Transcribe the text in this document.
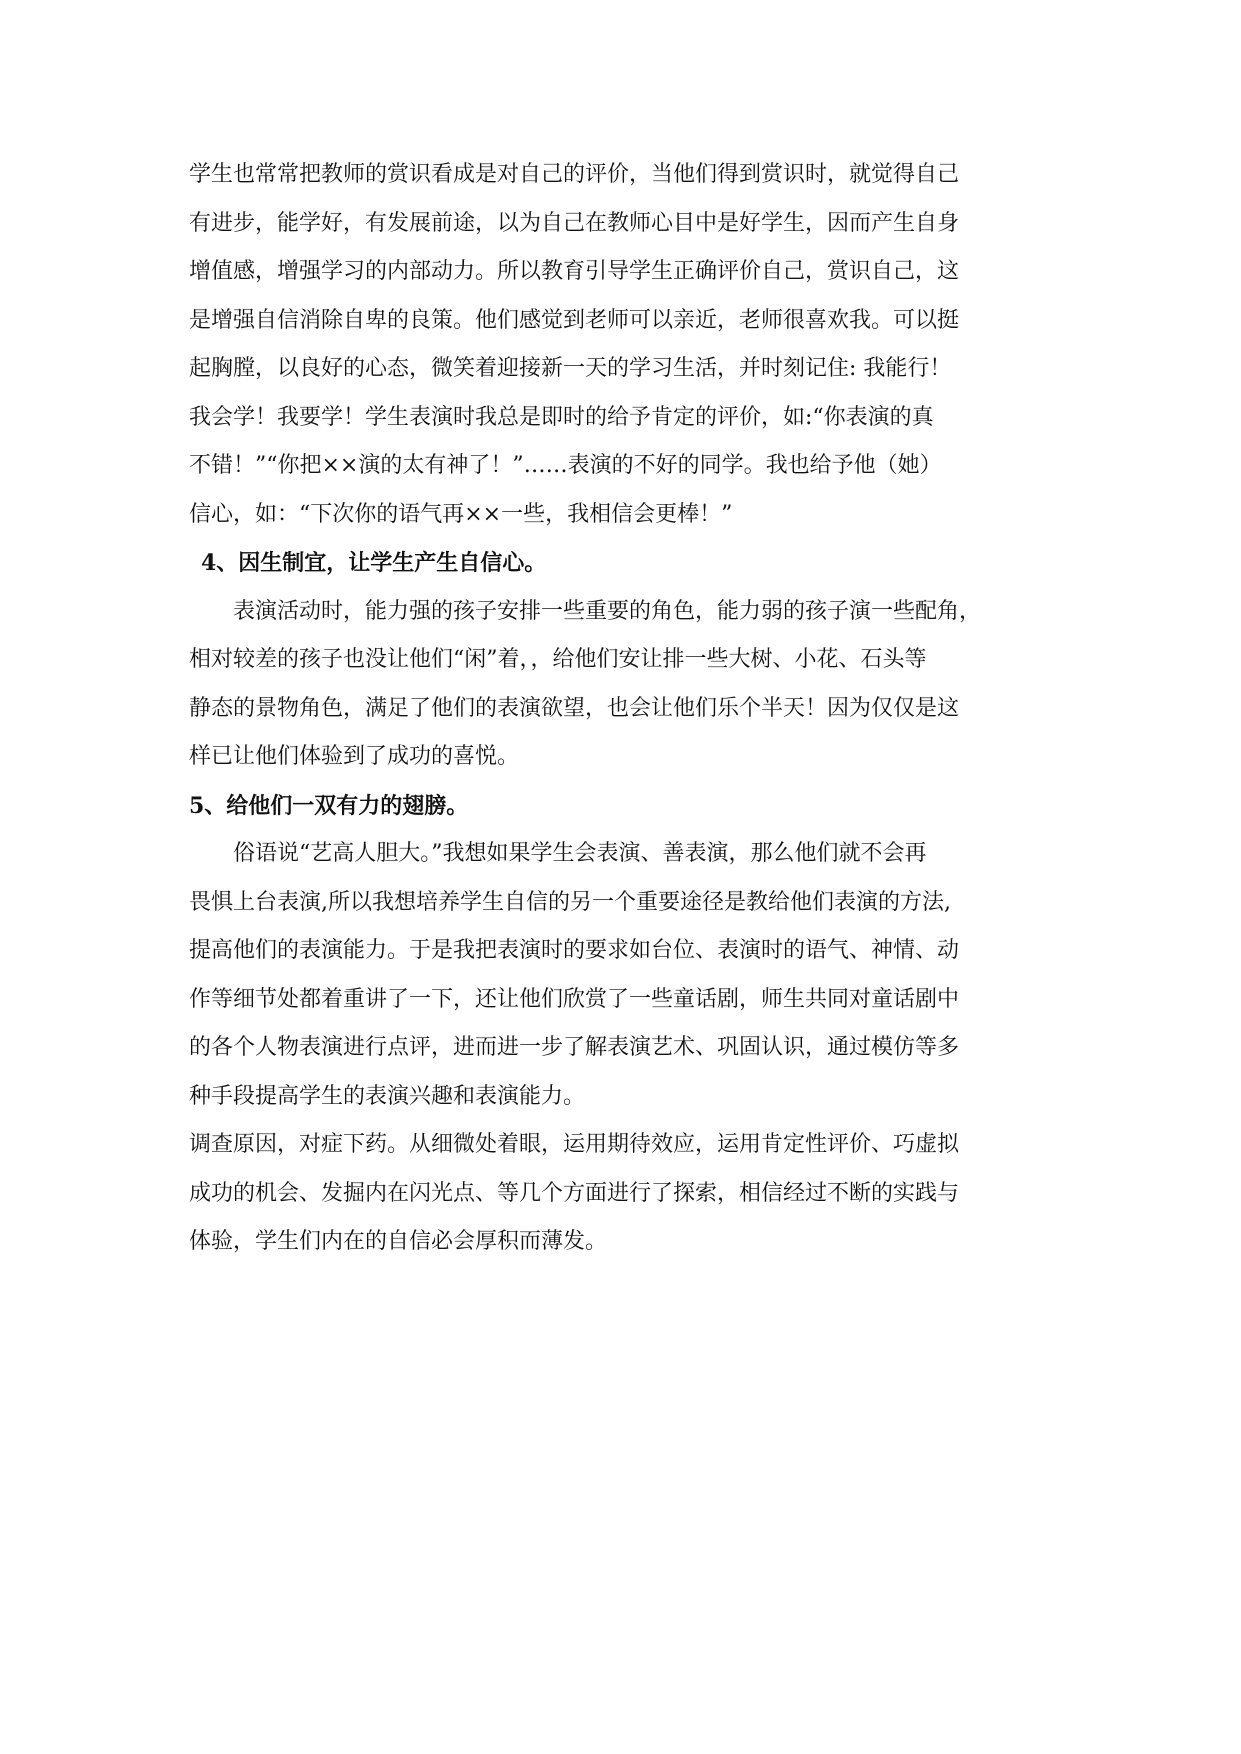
学生也常常把教师的赏识看成是对自己的评价，当他们得到赏识时，就觉得自己
有进步，能学好，有发展前途，以为自己在教师心目中是好学生，因而产生自身
增值感，增强学习的内部动力。所以教育引导学生正确评价自己，赏识自己，这
是增强自信消除自卑的良策。他们感觉到老师可以亲近，老师很喜欢我。可以挺
起胸膛，以良好的心态，微笑着迎接新一天的学习生活，并时刻记住: 我能行！
我会学！我要学！学生表演时我总是即时的给予肯定的评价，如:“你表演的真
不错！”“你把××演的太有神了！”……表演的不好的同学。我也给予他（她）
信心，如：“下次你的语气再××一些，我相信会更棒！”
4、因生制宜，让学生产生自信心。
　　表演活动时，能力强的孩子安排一些重要的角色，能力弱的孩子演一些配角，
相对较差的孩子也没让他们“闲”着，，给他们安让排一些大树、小花、石头等
静态的景物角色，满足了他们的表演欲望，也会让他们乐个半天！因为仅仅是这
样已让他们体验到了成功的喜悦。
5、给他们一双有力的翅膀。
　　俗语说“艺高人胆大。”我想如果学生会表演、善表演，那么他们就不会再
畏惧上台表演,所以我想培养学生自信的另一个重要途径是教给他们表演的方法,
提高他们的表演能力。于是我把表演时的要求如台位、表演时的语气、神情、动
作等细节处都着重讲了一下，还让他们欣赏了一些童话剧，师生共同对童话剧中
的各个人物表演进行点评，进而进一步了解表演艺术、巩固认识，通过模仿等多
种手段提高学生的表演兴趣和表演能力。
调查原因，对症下药。从细微处着眼，运用期待效应，运用肯定性评价、巧虚拟
成功的机会、发掘内在闪光点、等几个方面进行了探索，相信经过不断的实践与
体验，学生们内在的自信必会厚积而薄发。
